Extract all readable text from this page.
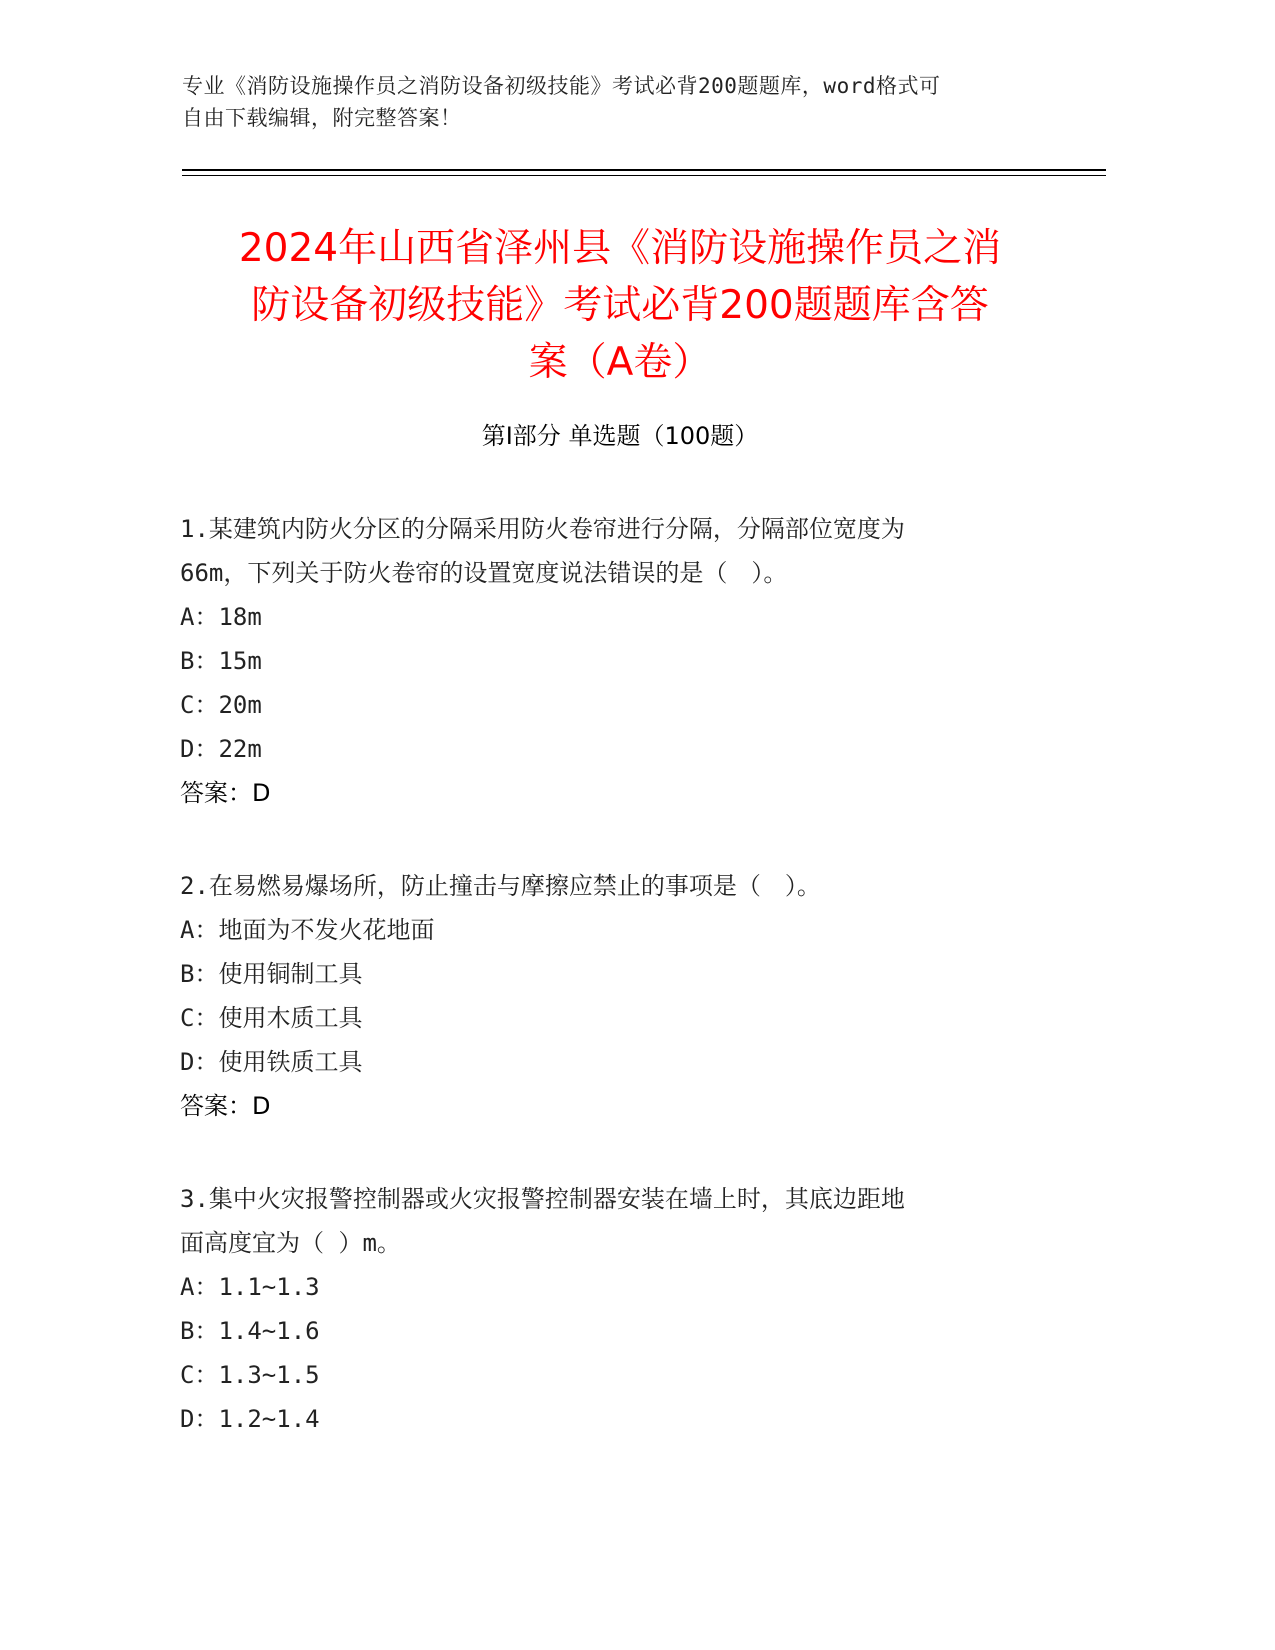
专业《消防设施操作员之消防设备初级技能》考试必背200题题库，word格式可
自由下载编辑，附完整答案！
2024年山西省泽州县《消防设施操作员之消
防设备初级技能》考试必背200题题库含答
案（A卷）
第Ⅰ部分 单选题（100题）
1.某建筑内防火分区的分隔采用防火卷帘进行分隔，分隔部位宽度为
66m，下列关于防火卷帘的设置宽度说法错误的是（　）。
A：18m
B：15m
C：20m
D：22m
答案：D
2.在易燃易爆场所，防止撞击与摩擦应禁止的事项是（　）。
A：地面为不发火花地面
B：使用铜制工具
C：使用木质工具
D：使用铁质工具
答案：D
3.集中火灾报警控制器或火灾报警控制器安装在墙上时，其底边距地
面高度宜为（ ）m。
A：1.1~1.3
B：1.4~1.6
C：1.3~1.5
D：1.2~1.4
